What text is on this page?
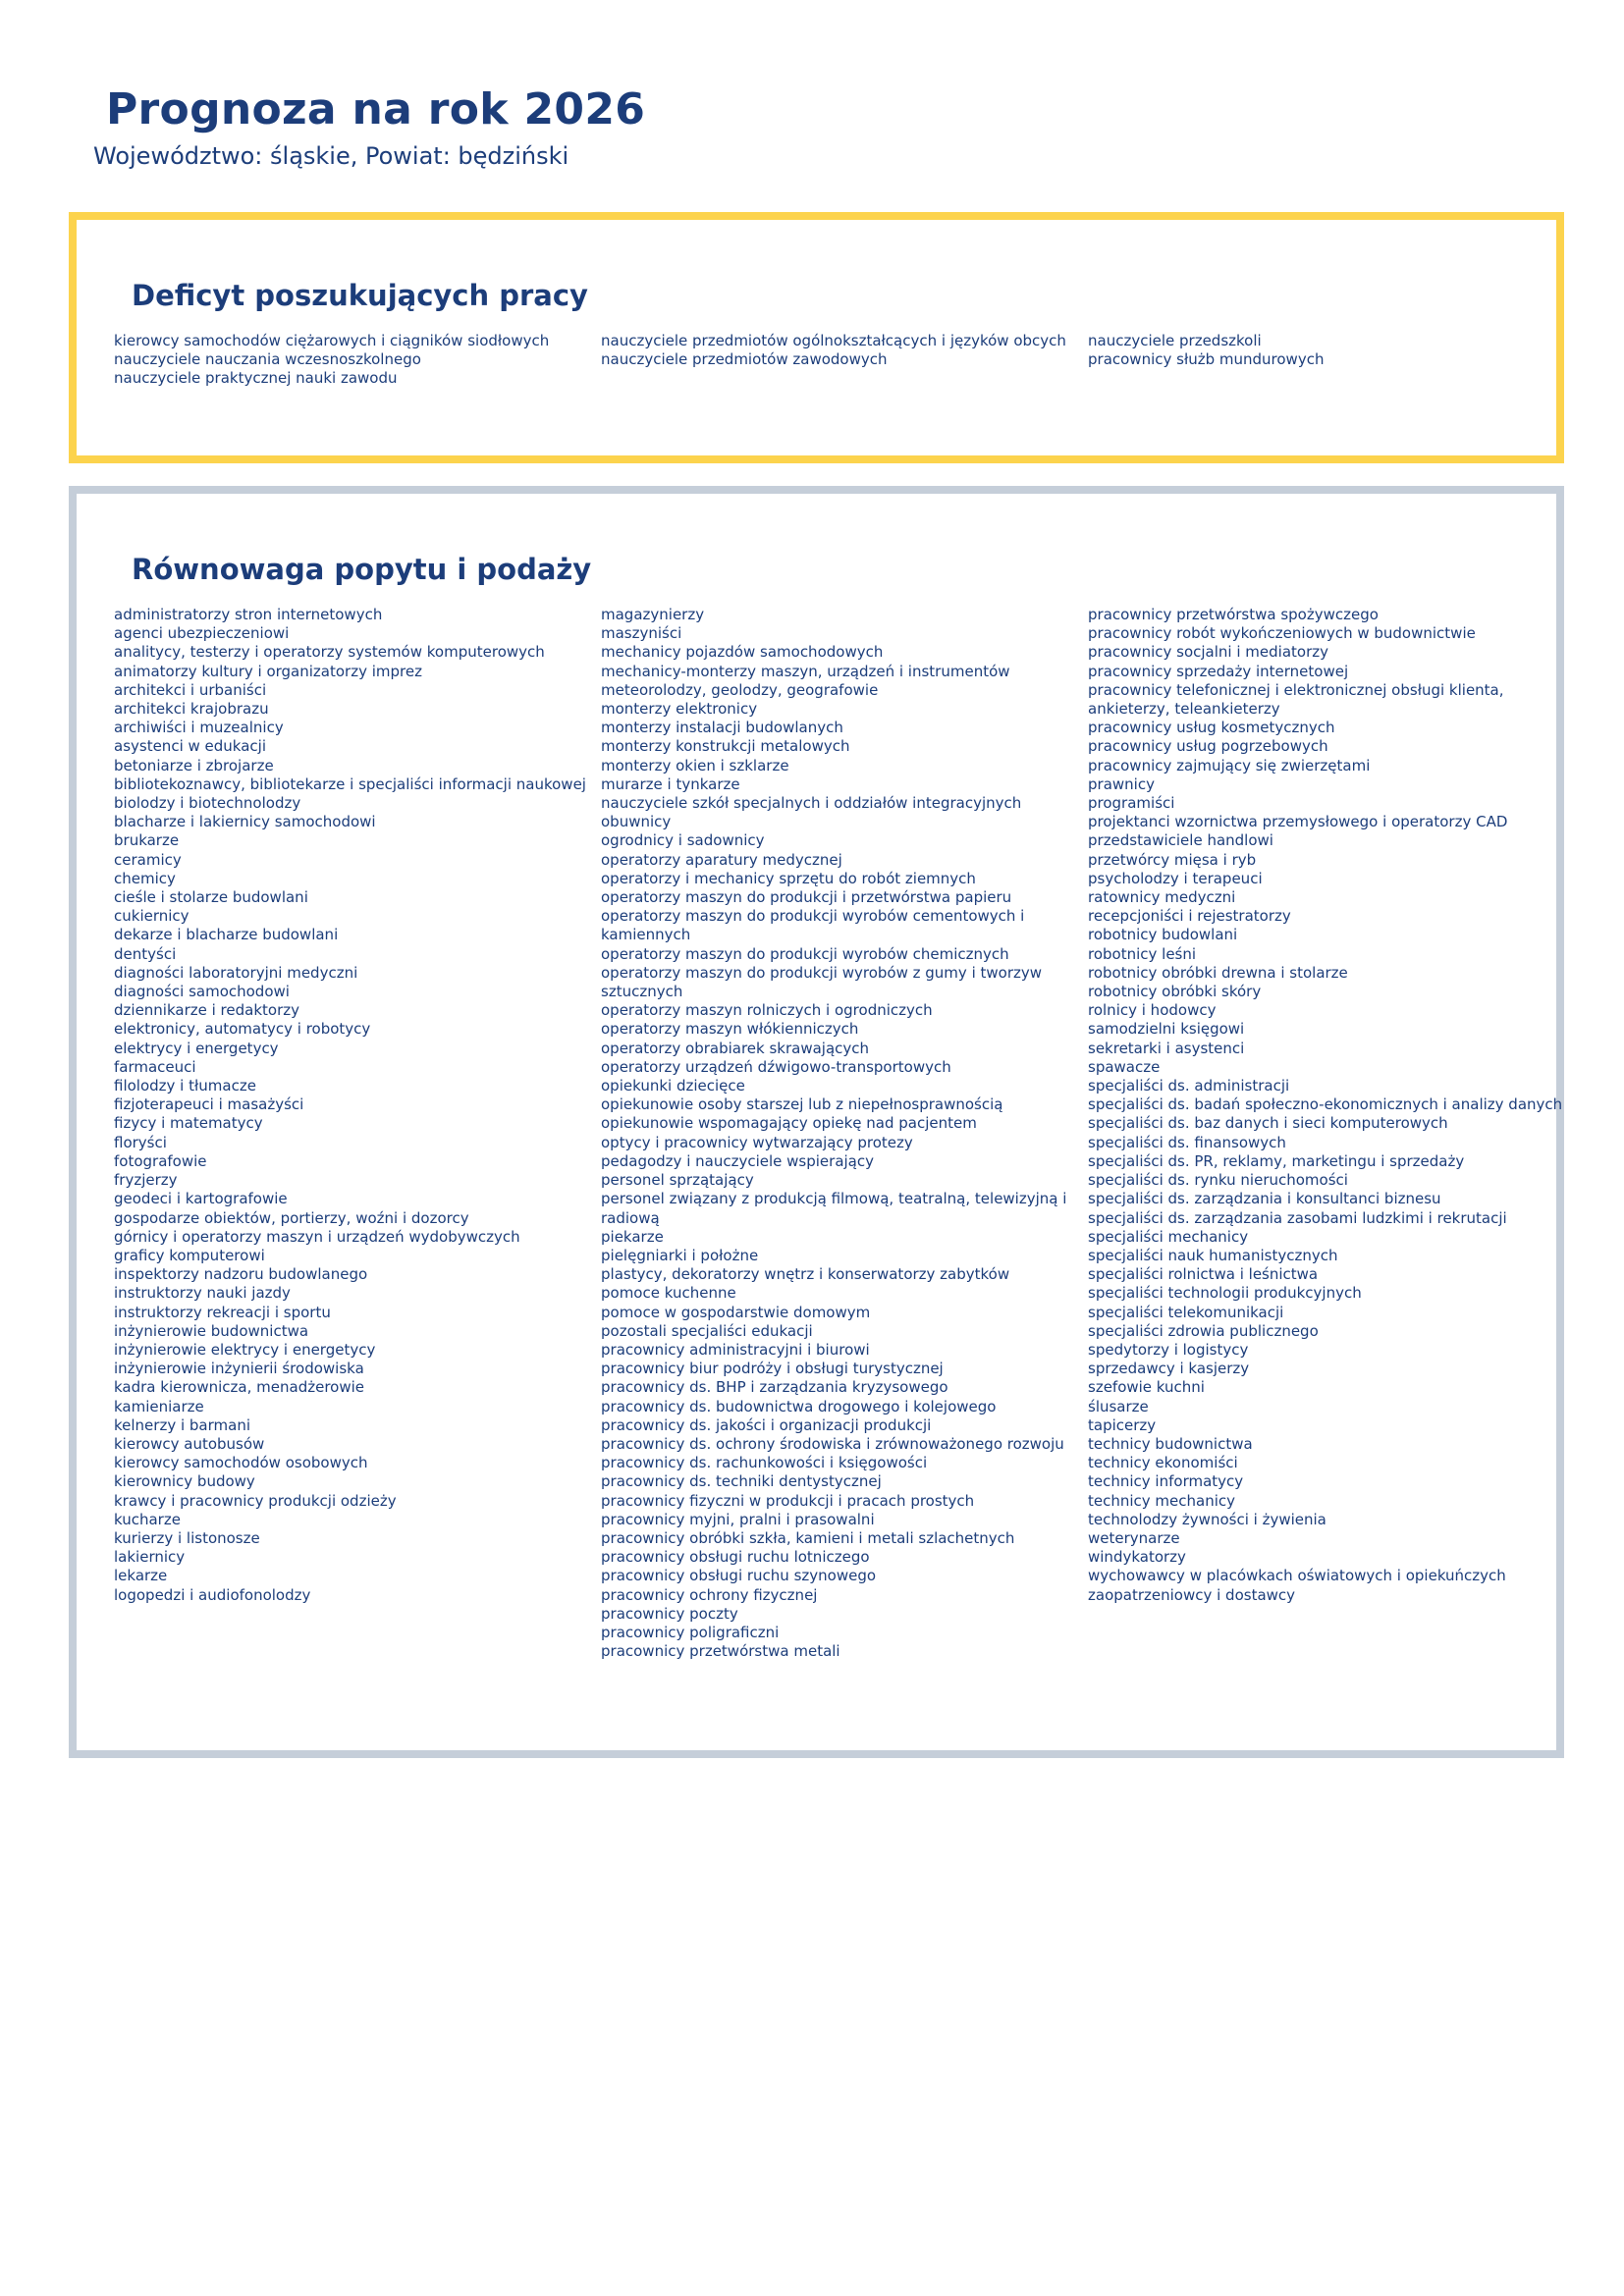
Prognoza na rok 2026
Województwo: śląskie, Powiat: będziński
Deficyt poszukujących pracy
kierowcy samochodów ciężarowych i ciągników siodłowych
nauczyciele nauczania wczesnoszkolnego
nauczyciele praktycznej nauki zawodu
nauczyciele przedmiotów ogólnokształcących i języków obcych
nauczyciele przedmiotów zawodowych
nauczyciele przedszkoli
pracownicy służb mundurowych
Równowaga popytu i podaży
administratorzy stron internetowych
agenci ubezpieczeniowi
analitycy, testerzy i operatorzy systemów komputerowych
animatorzy kultury i organizatorzy imprez
architekci i urbaniści
architekci krajobrazu
archiwiści i muzealnicy
asystenci w edukacji
betoniarze i zbrojarze
bibliotekoznawcy, bibliotekarze i specjaliści informacji naukowej
biolodzy i biotechnolodzy
blacharze i lakiernicy samochodowi
brukarze
ceramicy
chemicy
cieśle i stolarze budowlani
cukiernicy
dekarze i blacharze budowlani
dentyści
diagności laboratoryjni medyczni
diagności samochodowi
dziennikarze i redaktorzy
elektronicy, automatycy i robotycy
elektrycy i energetycy
farmaceuci
filolodzy i tłumacze
fizjoterapeuci i masażyści
fizycy i matematycy
floryści
fotografowie
fryzjerzy
geodeci i kartografowie
gospodarze obiektów, portierzy, woźni i dozorcy
górnicy i operatorzy maszyn i urządzeń wydobywczych
graficy komputerowi
inspektorzy nadzoru budowlanego
instruktorzy nauki jazdy
instruktorzy rekreacji i sportu
inżynierowie budownictwa
inżynierowie elektrycy i energetycy
inżynierowie inżynierii środowiska
kadra kierownicza, menadżerowie
kamieniarze
kelnerzy i barmani
kierowcy autobusów
kierowcy samochodów osobowych
kierownicy budowy
krawcy i pracownicy produkcji odzieży
kucharze
kurierzy i listonosze
lakiernicy
lekarze
logopedzi i audiofonolodzy
magazynierzy
maszyniści
mechanicy pojazdów samochodowych
mechanicy-monterzy maszyn, urządzeń i instrumentów
meteorolodzy, geolodzy, geografowie
monterzy elektronicy
monterzy instalacji budowlanych
monterzy konstrukcji metalowych
monterzy okien i szklarze
murarze i tynkarze
nauczyciele szkół specjalnych i oddziałów integracyjnych
obuwnicy
ogrodnicy i sadownicy
operatorzy aparatury medycznej
operatorzy i mechanicy sprzętu do robót ziemnych
operatorzy maszyn do produkcji i przetwórstwa papieru
operatorzy maszyn do produkcji wyrobów cementowych i kamiennych
operatorzy maszyn do produkcji wyrobów chemicznych
operatorzy maszyn do produkcji wyrobów z gumy i tworzyw sztucznych
operatorzy maszyn rolniczych i ogrodniczych
operatorzy maszyn włókienniczych
operatorzy obrabiarek skrawających
operatorzy urządzeń dźwigowo-transportowych
opiekunki dziecięce
opiekunowie osoby starszej lub z niepełnosprawnością
opiekunowie wspomagający opiekę nad pacjentem
optycy i pracownicy wytwarzający protezy
pedagodzy i nauczyciele wspierający
personel sprzątający
personel związany z produkcją filmową, teatralną, telewizyjną i radiową
piekarze
pielęgniarki i położne
plastycy, dekoratorzy wnętrz i konserwatorzy zabytków
pomoce kuchenne
pomoce w gospodarstwie domowym
pozostali specjaliści edukacji
pracownicy administracyjni i biurowi
pracownicy biur podróży i obsługi turystycznej
pracownicy ds. BHP i zarządzania kryzysowego
pracownicy ds. budownictwa drogowego i kolejowego
pracownicy ds. jakości i organizacji produkcji
pracownicy ds. ochrony środowiska i zrównoważonego rozwoju
pracownicy ds. rachunkowości i księgowości
pracownicy ds. techniki dentystycznej
pracownicy fizyczni w produkcji i pracach prostych
pracownicy myjni, pralni i prasowalni
pracownicy obróbki szkła, kamieni i metali szlachetnych
pracownicy obsługi ruchu lotniczego
pracownicy obsługi ruchu szynowego
pracownicy ochrony fizycznej
pracownicy poczty
pracownicy poligraficzni
pracownicy przetwórstwa metali
pracownicy przetwórstwa spożywczego
pracownicy robót wykończeniowych w budownictwie
pracownicy socjalni i mediatorzy
pracownicy sprzedaży internetowej
pracownicy telefonicznej i elektronicznej obsługi klienta, ankieterzy, teleankieterzy
pracownicy usług kosmetycznych
pracownicy usług pogrzebowych
pracownicy zajmujący się zwierzętami
prawnicy
programiści
projektanci wzornictwa przemysłowego i operatorzy CAD
przedstawiciele handlowi
przetwórcy mięsa i ryb
psycholodzy i terapeuci
ratownicy medyczni
recepcjoniści i rejestratorzy
robotnicy budowlani
robotnicy leśni
robotnicy obróbki drewna i stolarze
robotnicy obróbki skóry
rolnicy i hodowcy
samodzielni księgowi
sekretarki i asystenci
spawacze
specjaliści ds. administracji
specjaliści ds. badań społeczno-ekonomicznych i analizy danych
specjaliści ds. baz danych i sieci komputerowych
specjaliści ds. finansowych
specjaliści ds. PR, reklamy, marketingu i sprzedaży
specjaliści ds. rynku nieruchomości
specjaliści ds. zarządzania i konsultanci biznesu
specjaliści ds. zarządzania zasobami ludzkimi i rekrutacji
specjaliści mechanicy
specjaliści nauk humanistycznych
specjaliści rolnictwa i leśnictwa
specjaliści technologii produkcyjnych
specjaliści telekomunikacji
specjaliści zdrowia publicznego
spedytorzy i logistycy
sprzedawcy i kasjerzy
szefowie kuchni
ślusarze
tapicerzy
technicy budownictwa
technicy ekonomiści
technicy informatycy
technicy mechanicy
technolodzy żywności i żywienia
weterynarze
windykatorzy
wychowawcy w placówkach oświatowych i opiekuńczych
zaopatrzeniowcy i dostawcy
